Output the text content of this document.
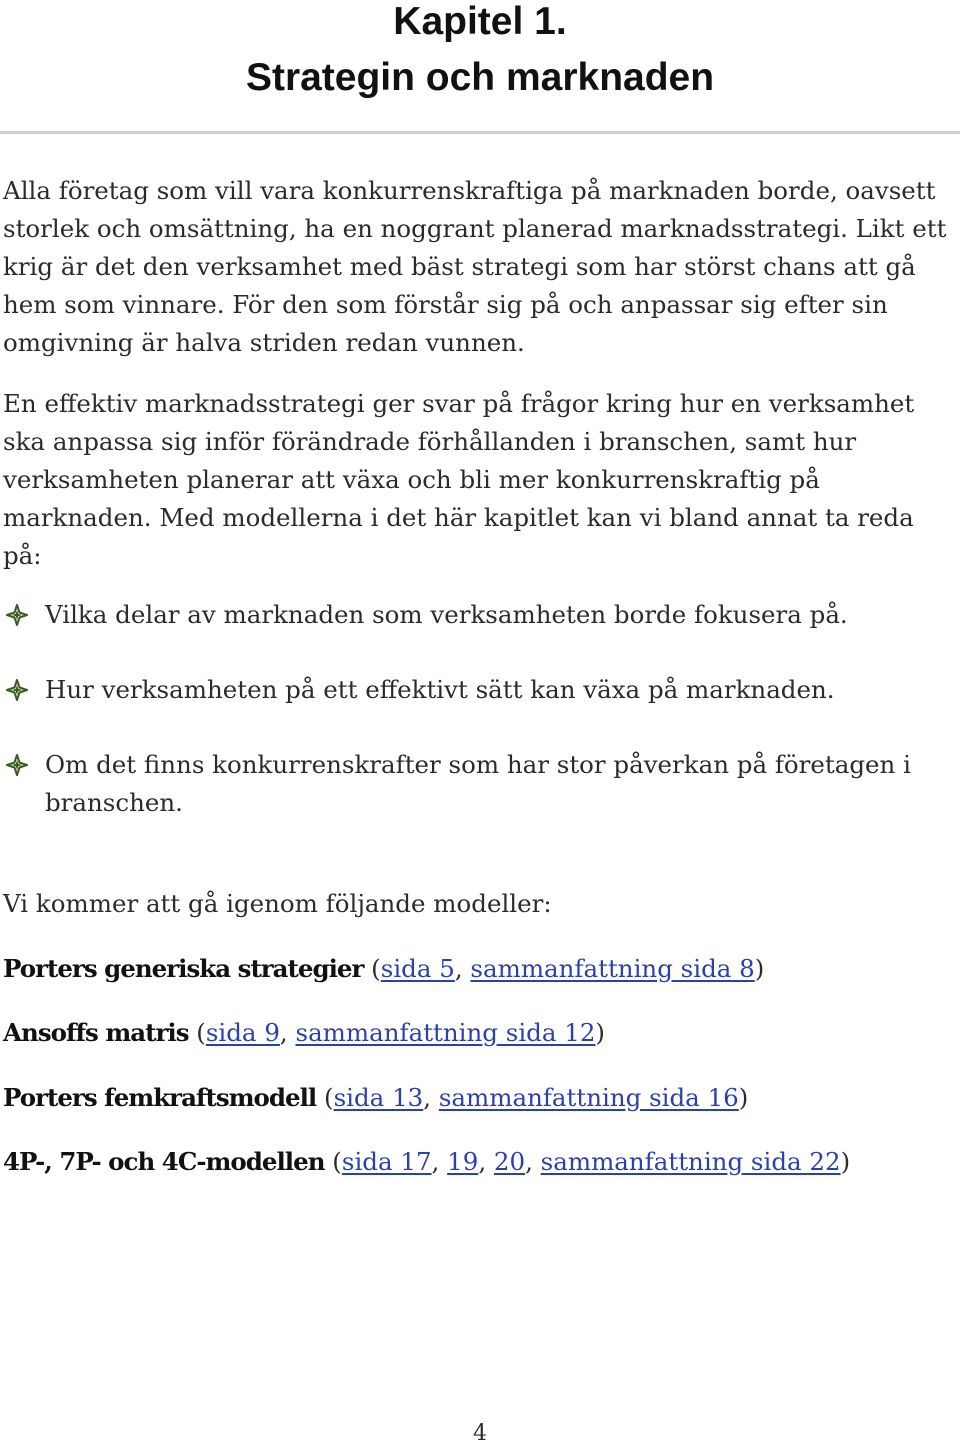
Kapitel 1.
Strategin och marknaden

Alla företag som vill vara konkurrenskraftiga på marknaden borde, oavsett storlek och omsättning, ha en noggrant planerad marknadsstrategi. Likt ett krig är det den verksamhet med bäst strategi som har störst chans att gå hem som vinnare. För den som förstår sig på och anpassar sig efter sin omgivning är halva striden redan vunnen.

En effektiv marknadsstrategi ger svar på frågor kring hur en verksamhet ska anpassa sig inför förändrade förhållanden i branschen, samt hur verksamheten planerar att växa och bli mer konkurrenskraftig på marknaden. Med modellerna i det här kapitlet kan vi bland annat ta reda på:

Vilka delar av marknaden som verksamheten borde fokusera på.
Hur verksamheten på ett effektivt sätt kan växa på marknaden.
Om det finns konkurrenskrafter som har stor påverkan på företagen i branschen.

Vi kommer att gå igenom följande modeller:

Porters generiska strategier (sida 5, sammanfattning sida 8)
Ansoffs matris (sida 9, sammanfattning sida 12)
Porters femkraftsmodell (sida 13, sammanfattning sida 16)
4P-, 7P- och 4C-modellen (sida 17, 19, 20, sammanfattning sida 22)
4
